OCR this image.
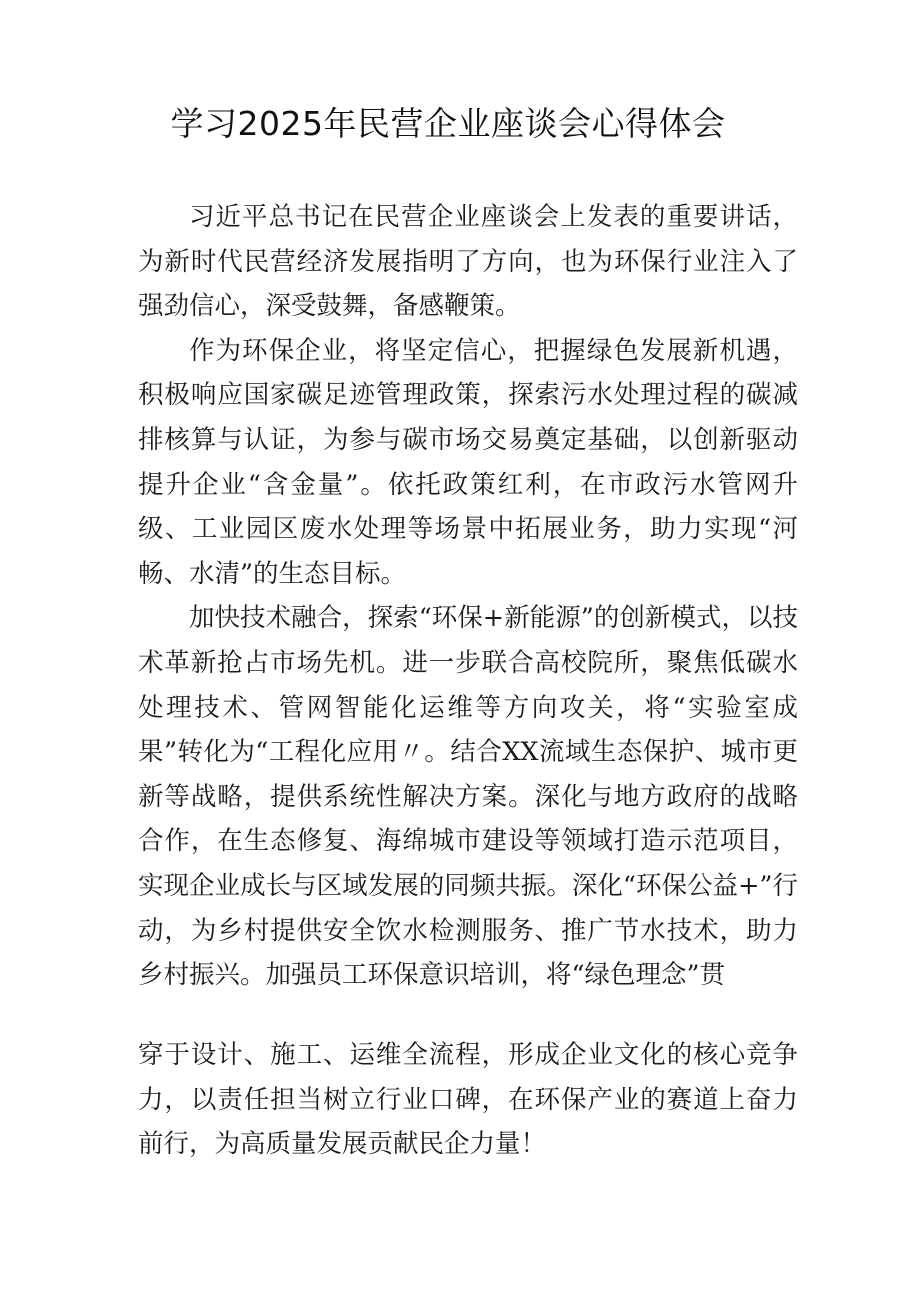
学习2025年民营企业座谈会心得体会

习近平总书记在民营企业座谈会上发表的重要讲话，为新时代民营经济发展指明了方向，也为环保行业注入了强劲信心，深受鼓舞，备感鞭策。

作为环保企业，将坚定信心，把握绿色发展新机遇，积极响应国家碳足迹管理政策，探索污水处理过程的碳减排核算与认证，为参与碳市场交易奠定基础，以创新驱动提升企业“含金量”。依托政策红利，在市政污水管网升级、工业园区废水处理等场景中拓展业务，助力实现“河畅、水清”的生态目标。

加快技术融合，探索“环保+新能源”的创新模式，以技术革新抢占市场先机。进一步联合高校院所，聚焦低碳水处理技术、管网智能化运维等方向攻关，将“实验室成果”转化为“工程化应用〃。结合XX流域生态保护、城市更新等战略，提供系统性解决方案。深化与地方政府的战略合作，在生态修复、海绵城市建设等领域打造示范项目，实现企业成长与区域发展的同频共振。深化“环保公益+”行动，为乡村提供安全饮水检测服务、推广节水技术，助力乡村振兴。加强员工环保意识培训，将“绿色理念”贯

穿于设计、施工、运维全流程，形成企业文化的核心竞争力，以责任担当树立行业口碑，在环保产业的赛道上奋力前行，为高质量发展贡献民企力量！
